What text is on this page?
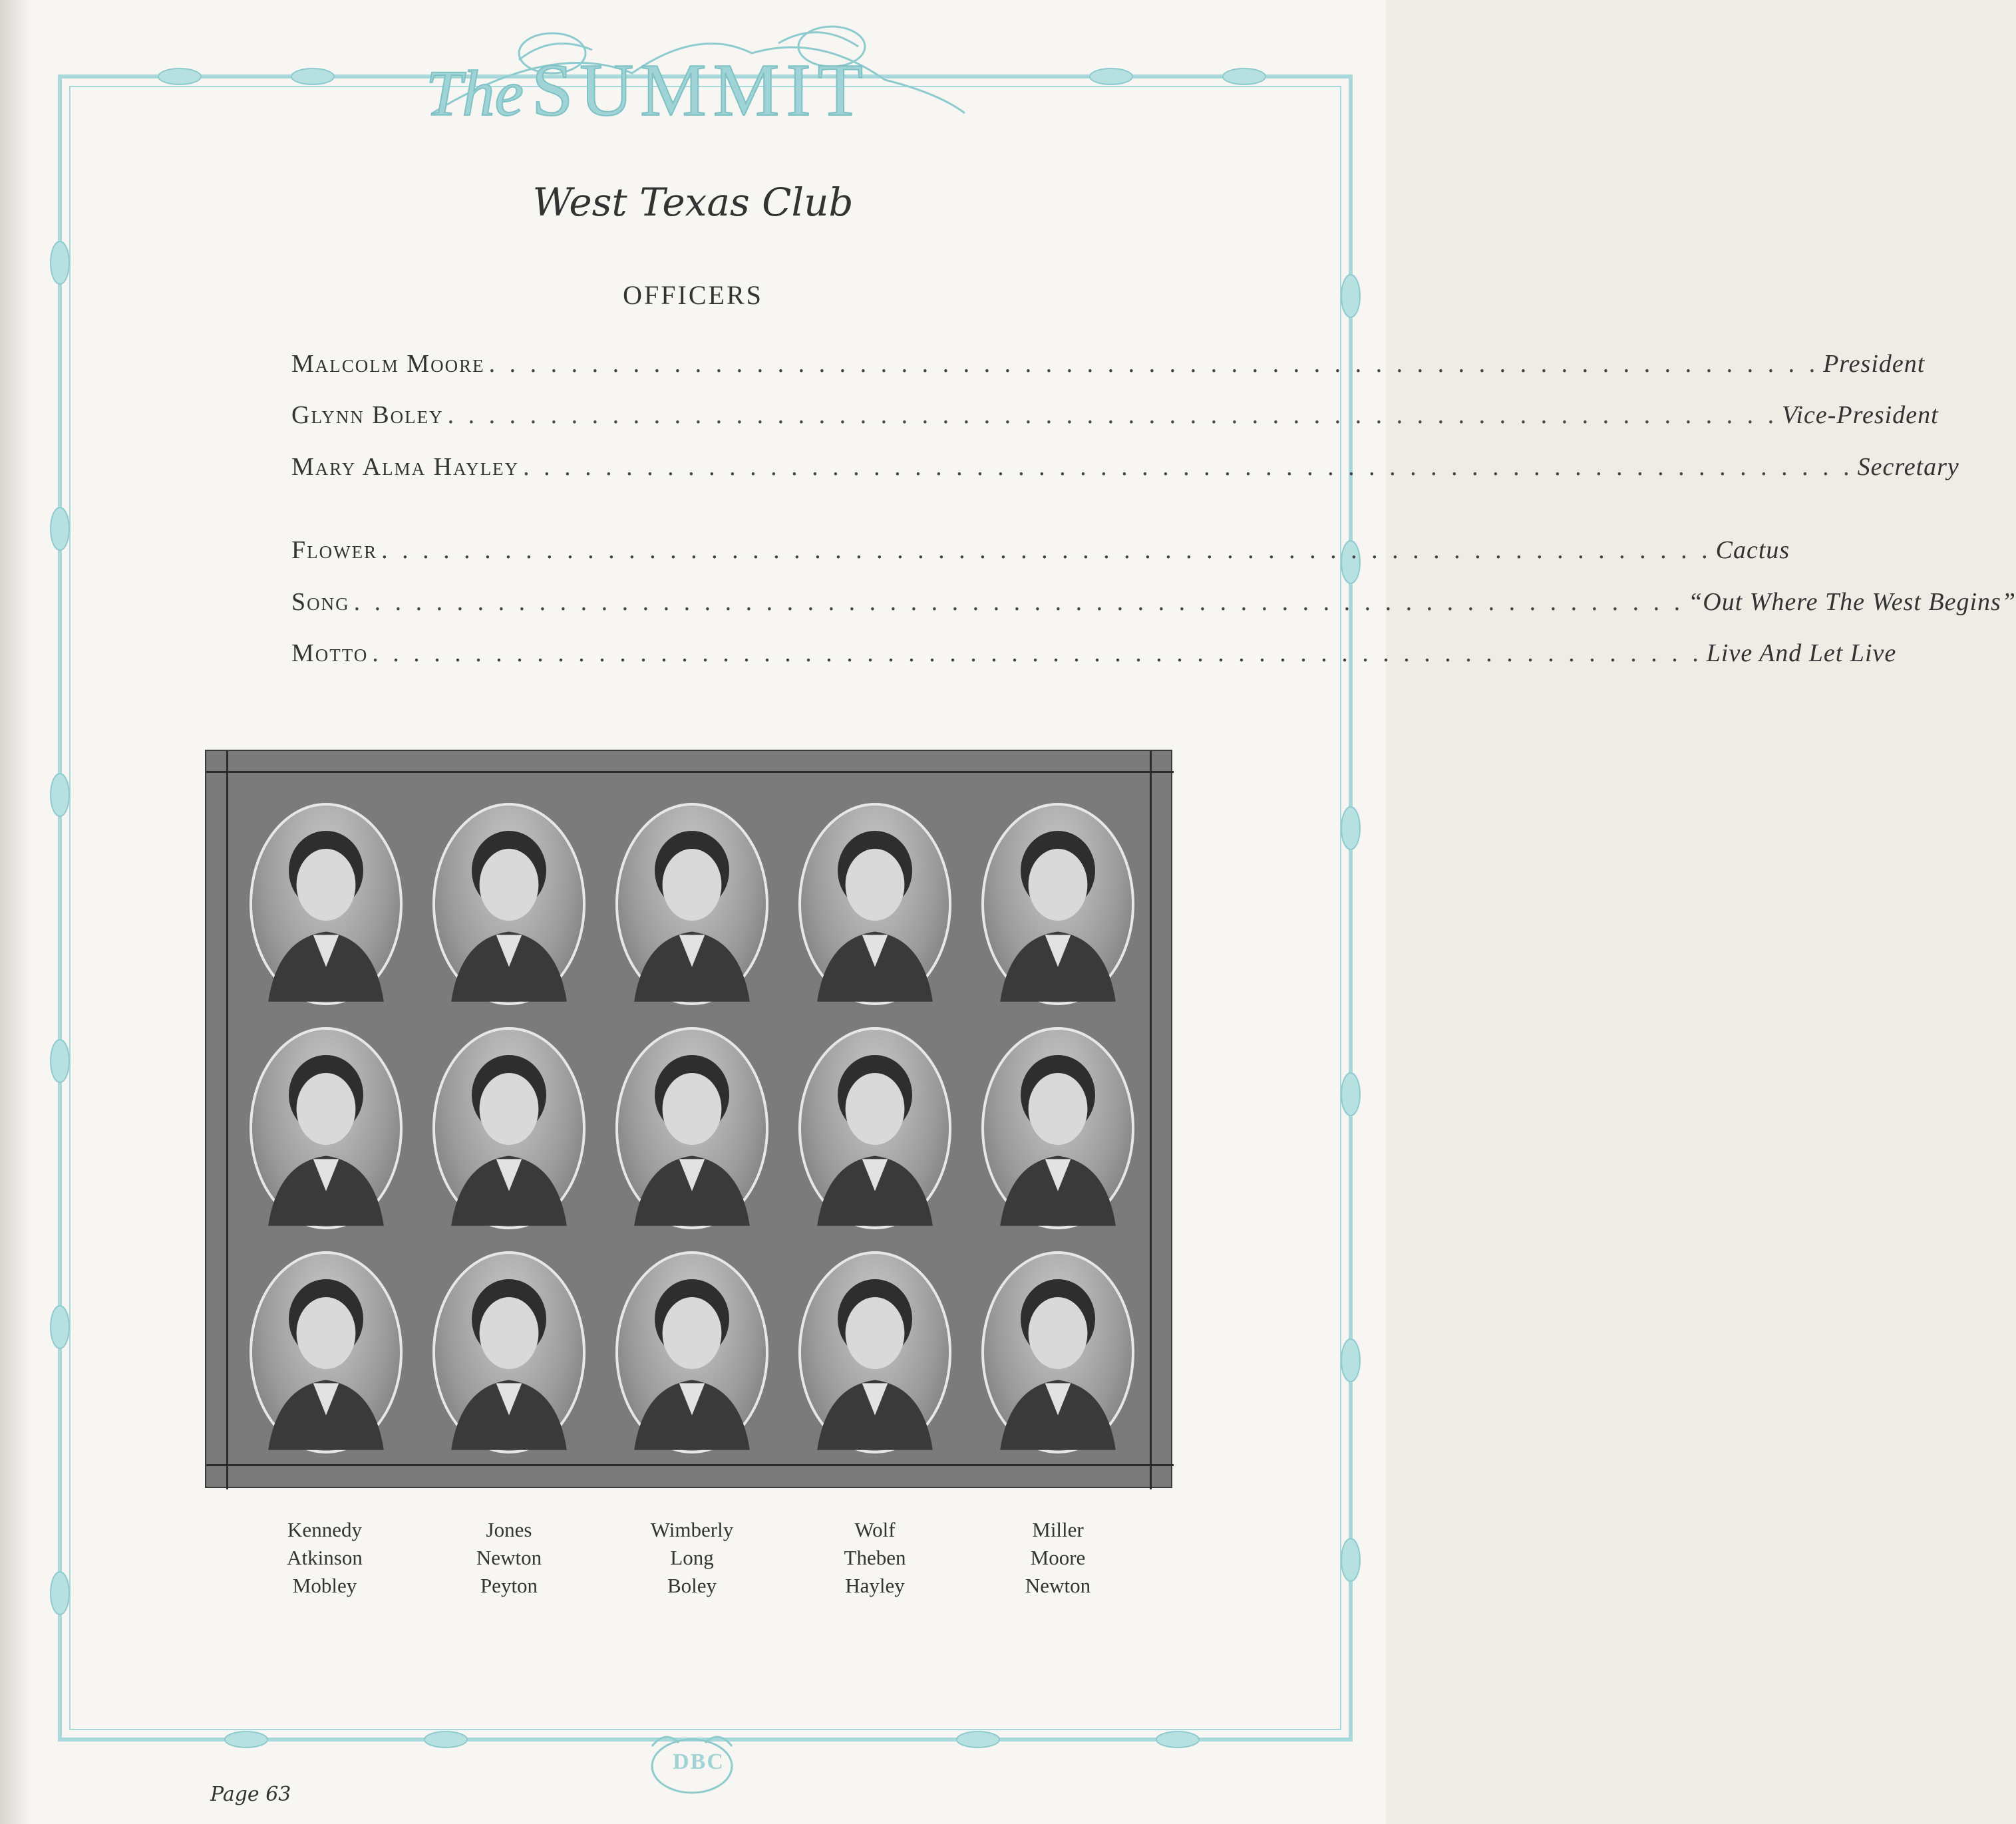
The SUMMIT
West Texas Club
OFFICERS
Malcolm Moore . . . . . . . . . . . . . . . . . . . . . . . . . . . . . . . . . . . . . . . . . . . . . . . . . . . . . . . . . . . . . . . . . President
Glynn Boley . . . . . . . . . . . . . . . . . . . . . . . . . . . . . . . . . . . . . . . . . . . . . . . . . . . . . . . . . . . . . . . . . Vice-President
Mary Alma Hayley . . . . . . . . . . . . . . . . . . . . . . . . . . . . . . . . . . . . . . . . . . . . . . . . . . . . . . . . . . . . . . . . . Secretary
Flower . . . . . . . . . . . . . . . . . . . . . . . . . . . . . . . . . . . . . . . . . . . . . . . . . . . . . . . . . . . . . . . . . Cactus
Song . . . . . . . . . . . . . . . . . . . . . . . . . . . . . . . . . . . . . . . . . . . . . . . . . . . . . . . . . . . . . . . . . “Out Where The West Begins”
Motto . . . . . . . . . . . . . . . . . . . . . . . . . . . . . . . . . . . . . . . . . . . . . . . . . . . . . . . . . . . . . . . . . Live And Let Live
Kennedy
Atkinson
Mobley
Jones
Newton
Peyton
Wimberly
Long
Boley
Wolf
Theben
Hayley
Miller
Moore
Newton
DBC
Page 63
